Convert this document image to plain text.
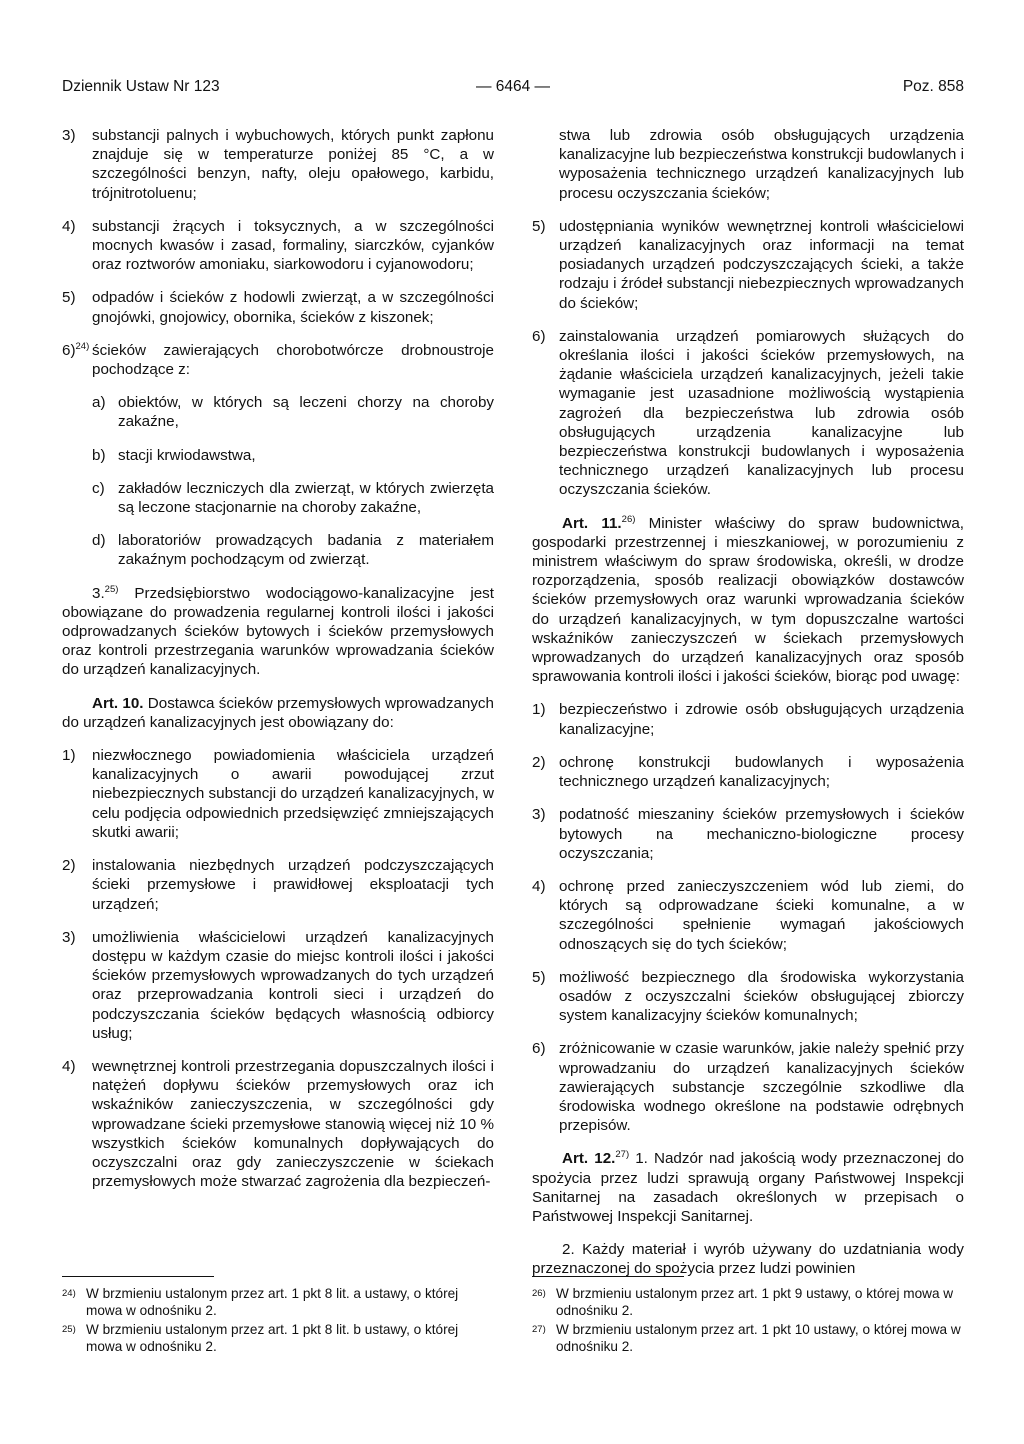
Dziennik Ustaw Nr 123	— 6464 —	Poz. 858
3) substancji palnych i wybuchowych, których punkt zapłonu znajduje się w temperaturze poniżej 85 °C, a w szczególności benzyn, nafty, oleju opałowego, karbidu, trójnitrotoluenu;
4) substancji żrących i toksycznych, a w szczególności mocnych kwasów i zasad, formaliny, siarczków, cyjanków oraz roztworów amoniaku, siarkowodoru i cyjanowodoru;
5) odpadów i ścieków z hodowli zwierząt, a w szczególności gnojówki, gnojowicy, obornika, ścieków z kiszonek;
6)$^{24)}$ ścieków zawierających chorobotwórcze drobnoustroje pochodzące z:
a) obiektów, w których są leczeni chorzy na choroby zakaźne,
b) stacji krwiodawstwa,
c) zakładów leczniczych dla zwierząt, w których zwierzęta są leczone stacjonarnie na choroby zakaźne,
d) laboratoriów prowadzących badania z materiałem zakaźnym pochodzącym od zwierząt.
3.$^{25)}$ Przedsiębiorstwo wodociągowo-kanalizacyjne jest obowiązane do prowadzenia regularnej kontroli ilości i jakości odprowadzanych ścieków bytowych i ścieków przemysłowych oraz kontroli przestrzegania warunków wprowadzania ścieków do urządzeń kanalizacyjnych.
Art. 10. Dostawca ścieków przemysłowych wprowadzanych do urządzeń kanalizacyjnych jest obowiązany do:
1) niezwłocznego powiadomienia właściciela urządzeń kanalizacyjnych o awarii powodującej zrzut niebezpiecznych substancji do urządzeń kanalizacyjnych, w celu podjęcia odpowiednich przedsięwzięć zmniejszających skutki awarii;
2) instalowania niezbędnych urządzeń podczyszczających ścieki przemysłowe i prawidłowej eksploatacji tych urządzeń;
3) umożliwienia właścicielowi urządzeń kanalizacyjnych dostępu w każdym czasie do miejsc kontroli ilości i jakości ścieków przemysłowych wprowadzanych do tych urządzeń oraz przeprowadzania kontroli sieci i urządzeń do podczyszczania ścieków będących własnością odbiorcy usług;
4) wewnętrznej kontroli przestrzegania dopuszczalnych ilości i natężeń dopływu ścieków przemysłowych oraz ich wskaźników zanieczyszczenia, w szczególności gdy wprowadzane ścieki przemysłowe stanowią więcej niż 10 % wszystkich ścieków komunalnych dopływających do oczyszczalni oraz gdy zanieczyszczenie w ściekach przemysłowych może stwarzać zagrożenia dla bezpieczeń-
stwa lub zdrowia osób obsługujących urządzenia kanalizacyjne lub bezpieczeństwa konstrukcji budowlanych i wyposażenia technicznego urządzeń kanalizacyjnych lub procesu oczyszczania ścieków;
5) udostępniania wyników wewnętrznej kontroli właścicielowi urządzeń kanalizacyjnych oraz informacji na temat posiadanych urządzeń podczyszczających ścieki, a także rodzaju i źródeł substancji niebezpiecznych wprowadzanych do ścieków;
6) zainstalowania urządzeń pomiarowych służących do określania ilości i jakości ścieków przemysłowych, na żądanie właściciela urządzeń kanalizacyjnych, jeżeli takie wymaganie jest uzasadnione możliwością wystąpienia zagrożeń dla bezpieczeństwa lub zdrowia osób obsługujących urządzenia kanalizacyjne lub bezpieczeństwa konstrukcji budowlanych i wyposażenia technicznego urządzeń kanalizacyjnych lub procesu oczyszczania ścieków.
Art. 11.$^{26)}$ Minister właściwy do spraw budownictwa, gospodarki przestrzennej i mieszkaniowej, w porozumieniu z ministrem właściwym do spraw środowiska, określi, w drodze rozporządzenia, sposób realizacji obowiązków dostawców ścieków przemysłowych oraz warunki wprowadzania ścieków do urządzeń kanalizacyjnych, w tym dopuszczalne wartości wskaźników zanieczyszczeń w ściekach przemysłowych wprowadzanych do urządzeń kanalizacyjnych oraz sposób sprawowania kontroli ilości i jakości ścieków, biorąc pod uwagę:
1) bezpieczeństwo i zdrowie osób obsługujących urządzenia kanalizacyjne;
2) ochronę konstrukcji budowlanych i wyposażenia technicznego urządzeń kanalizacyjnych;
3) podatność mieszaniny ścieków przemysłowych i ścieków bytowych na mechaniczno-biologiczne procesy oczyszczania;
4) ochronę przed zanieczyszczeniem wód lub ziemi, do których są odprowadzane ścieki komunalne, a w szczególności spełnienie wymagań jakościowych odnoszących się do tych ścieków;
5) możliwość bezpiecznego dla środowiska wykorzystania osadów z oczyszczalni ścieków obsługującej zbiorczy system kanalizacyjny ścieków komunalnych;
6) zróżnicowanie w czasie warunków, jakie należy spełnić przy wprowadzaniu do urządzeń kanalizacyjnych ścieków zawierających substancje szczególnie szkodliwe dla środowiska wodnego określone na podstawie odrębnych przepisów.
Art. 12.$^{27)}$ 1. Nadzór nad jakością wody przeznaczonej do spożycia przez ludzi sprawują organy Państwowej Inspekcji Sanitarnej na zasadach określonych w przepisach o Państwowej Inspekcji Sanitarnej.
2. Każdy materiał i wyrób używany do uzdatniania wody przeznaczonej do spożycia przez ludzi powinien
24) W brzmieniu ustalonym przez art. 1 pkt 8 lit. a ustawy, o której mowa w odnośniku 2.
25) W brzmieniu ustalonym przez art. 1 pkt 8 lit. b ustawy, o której mowa w odnośniku 2.
26) W brzmieniu ustalonym przez art. 1 pkt 9 ustawy, o której mowa w odnośniku 2.
27) W brzmieniu ustalonym przez art. 1 pkt 10 ustawy, o której mowa w odnośniku 2.
